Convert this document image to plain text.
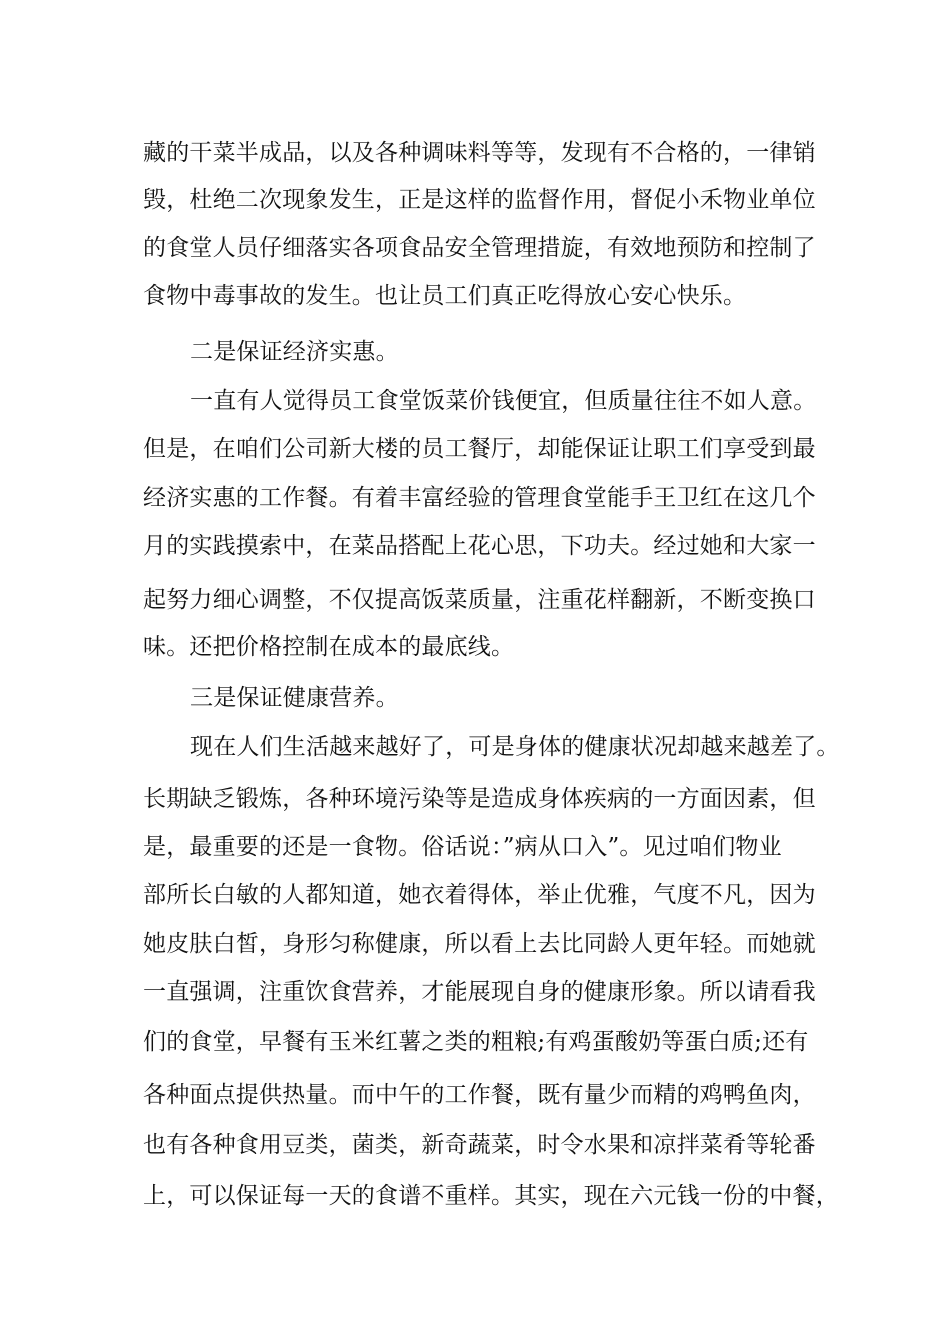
藏的干菜半成品，以及各种调味料等等，发现有不合格的，一律销
毁，杜绝二次现象发生，正是这样的监督作用，督促小禾物业单位
的食堂人员仔细落实各项食品安全管理措旋，有效地预防和控制了
食物中毒事故的发生。也让员工们真正吃得放心安心快乐。
二是保证经济实惠。
一直有人觉得员工食堂饭菜价钱便宜，但质量往往不如人意。
但是，在咱们公司新大楼的员工餐厅，却能保证让职工们享受到最
经济实惠的工作餐。有着丰富经验的管理食堂能手王卫红在这几个
月的实践摸索中，在菜品搭配上花心思，下功夫。经过她和大家一
起努力细心调整，不仅提高饭菜质量，注重花样翻新，不断变换口
味。还把价格控制在成本的最底线。
三是保证健康营养。
现在人们生活越来越好了，可是身体的健康状况却越来越差了。
长期缺乏锻炼，各种环境污染等是造成身体疾病的一方面因素，但
是，最重要的还是一食物。俗话说：”病从口入”。见过咱们物业
部所长白敏的人都知道，她衣着得体，举止优雅，气度不凡，因为
她皮肤白皙，身形匀称健康，所以看上去比同龄人更年轻。而她就
一直强调，注重饮食营养，才能展现自身的健康形象。所以请看我
们的食堂，早餐有玉米红薯之类的粗粮;有鸡蛋酸奶等蛋白质;还有
各种面点提供热量。而中午的工作餐，既有量少而精的鸡鸭鱼肉，
也有各种食用豆类，菌类，新奇蔬菜，时令水果和凉拌菜肴等轮番
上，可以保证每一天的食谱不重样。其实，现在六元钱一份的中餐，
